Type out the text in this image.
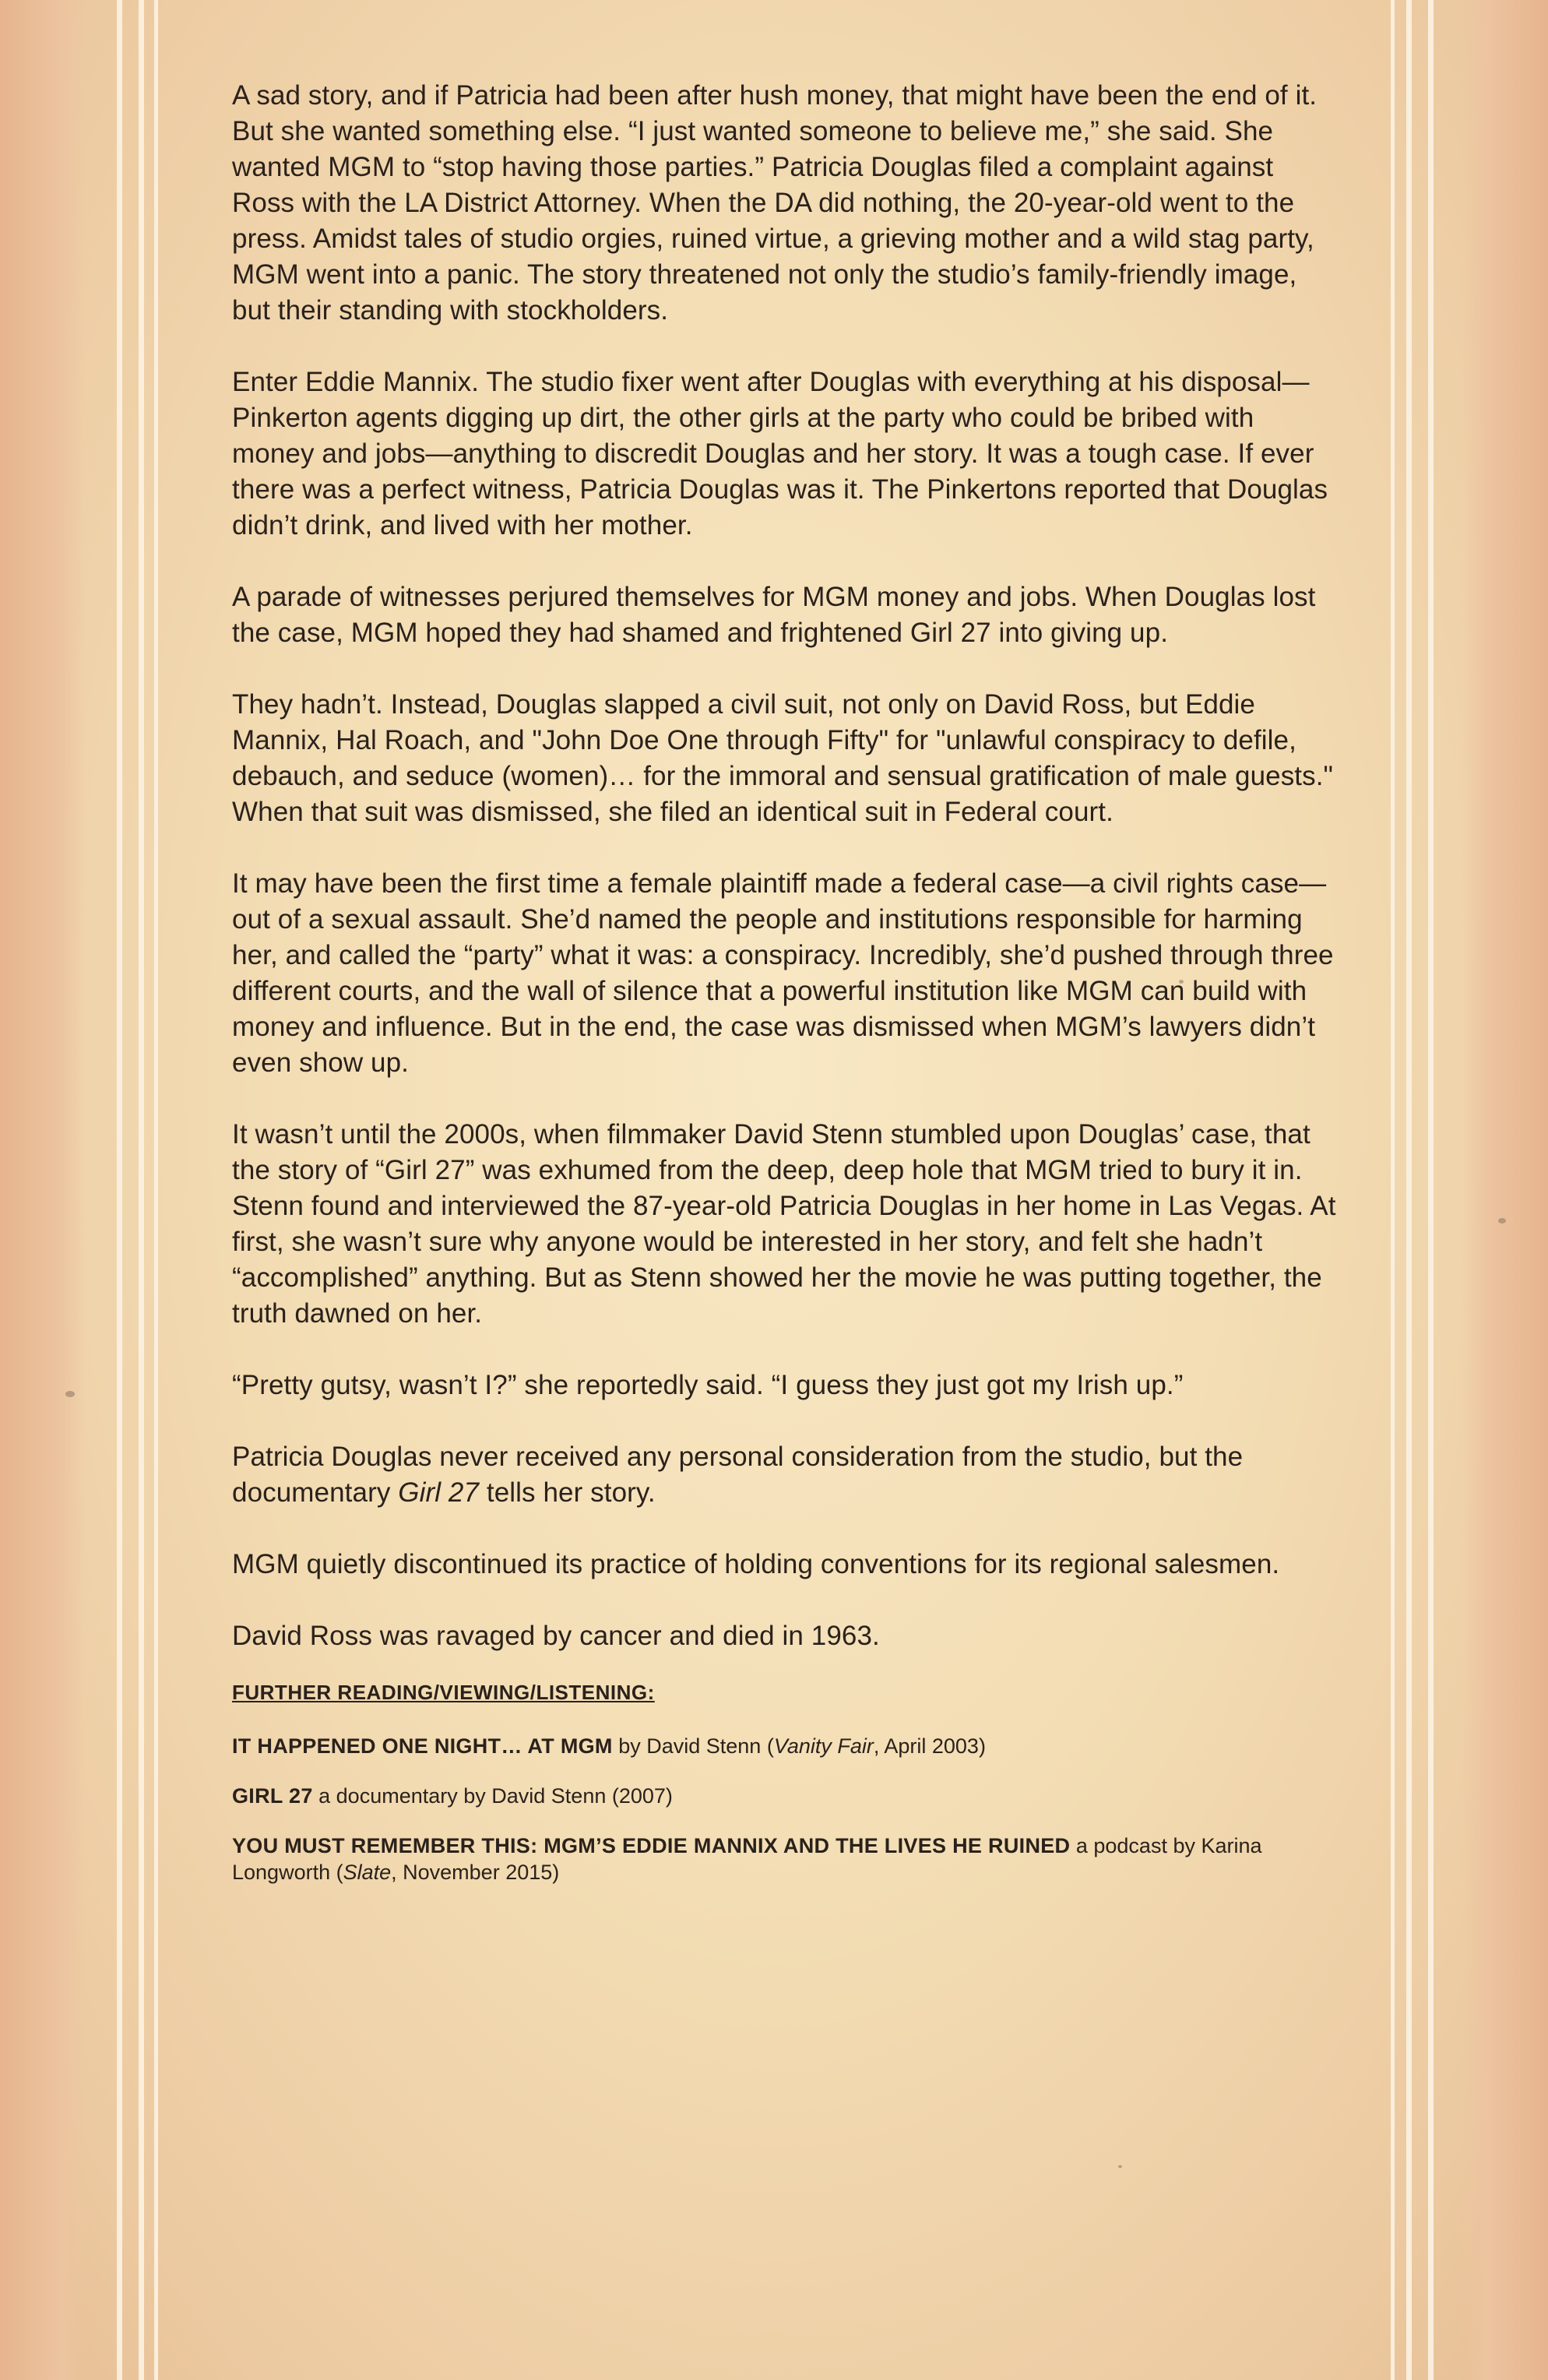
A sad story, and if Patricia had been after hush money, that might have been the end of it. But she wanted something else. “I just wanted someone to believe me,” she said. She wanted MGM to “stop having those parties.” Patricia Douglas filed a complaint against Ross with the LA District Attorney. When the DA did nothing, the 20-year-old went to the press. Amidst tales of studio orgies, ruined virtue, a grieving mother and a wild stag party, MGM went into a panic. The story threatened not only the studio’s family-friendly image, but their standing with stockholders.

Enter Eddie Mannix. The studio fixer went after Douglas with everything at his disposal—Pinkerton agents digging up dirt, the other girls at the party who could be bribed with money and jobs—anything to discredit Douglas and her story. It was a tough case. If ever there was a perfect witness, Patricia Douglas was it. The Pinkertons reported that Douglas didn’t drink, and lived with her mother.

A parade of witnesses perjured themselves for MGM money and jobs. When Douglas lost the case, MGM hoped they had shamed and frightened Girl 27 into giving up.

They hadn’t. Instead, Douglas slapped a civil suit, not only on David Ross, but Eddie Mannix, Hal Roach, and "John Doe One through Fifty" for "unlawful conspiracy to defile, debauch, and seduce (women)… for the immoral and sensual gratification of male guests." When that suit was dismissed, she filed an identical suit in Federal court.

It may have been the first time a female plaintiff made a federal case—a civil rights case—out of a sexual assault. She’d named the people and institutions responsible for harming her, and called the “party” what it was: a conspiracy. Incredibly, she’d pushed through three different courts, and the wall of silence that a powerful institution like MGM can build with money and influence. But in the end, the case was dismissed when MGM’s lawyers didn’t even show up.

It wasn’t until the 2000s, when filmmaker David Stenn stumbled upon Douglas’ case, that the story of “Girl 27” was exhumed from the deep, deep hole that MGM tried to bury it in. Stenn found and interviewed the 87-year-old Patricia Douglas in her home in Las Vegas. At first, she wasn’t sure why anyone would be interested in her story, and felt she hadn’t “accomplished” anything. But as Stenn showed her the movie he was putting together, the truth dawned on her.

“Pretty gutsy, wasn’t I?” she reportedly said. “I guess they just got my Irish up.”

Patricia Douglas never received any personal consideration from the studio, but the documentary Girl 27 tells her story.

MGM quietly discontinued its practice of holding conventions for its regional salesmen.

David Ross was ravaged by cancer and died in 1963.

FURTHER READING/VIEWING/LISTENING:

IT HAPPENED ONE NIGHT… AT MGM by David Stenn (Vanity Fair, April 2003)

GIRL 27 a documentary by David Stenn (2007)

YOU MUST REMEMBER THIS: MGM’S EDDIE MANNIX AND THE LIVES HE RUINED a podcast by Karina Longworth (Slate, November 2015)
